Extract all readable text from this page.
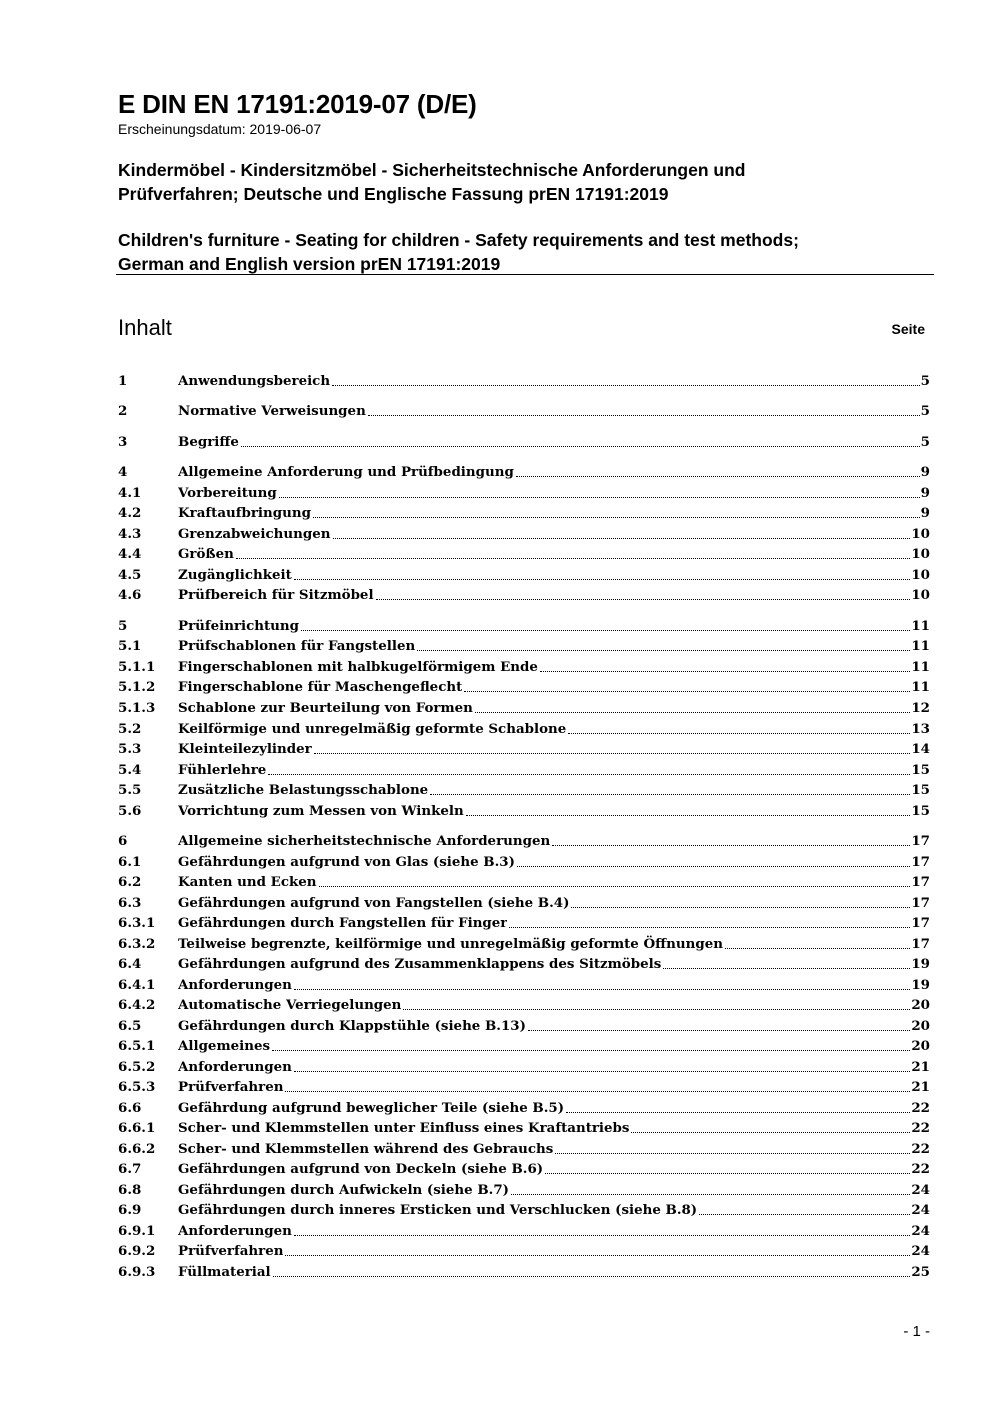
E DIN EN 17191:2019-07 (D/E)
Erscheinungsdatum: 2019-06-07
Kindermöbel - Kindersitzmöbel - Sicherheitstechnische Anforderungen und
Prüfverfahren; Deutsche und Englische Fassung prEN 17191:2019
Children's furniture - Seating for children - Safety requirements and test methods;
German and English version prEN 17191:2019
Inhalt	Seite
1	Anwendungsbereich	5
2	Normative Verweisungen	5
3	Begriffe	5
4	Allgemeine Anforderung und Prüfbedingung	9
4.1	Vorbereitung	9
4.2	Kraftaufbringung	9
4.3	Grenzabweichungen	10
4.4	Größen	10
4.5	Zugänglichkeit	10
4.6	Prüfbereich für Sitzmöbel	10
5	Prüfeinrichtung	11
5.1	Prüfschablonen für Fangstellen	11
5.1.1	Fingerschablonen mit halbkugelförmigem Ende	11
5.1.2	Fingerschablone für Maschengeflecht	11
5.1.3	Schablone zur Beurteilung von Formen	12
5.2	Keilförmige und unregelmäßig geformte Schablone	13
5.3	Kleinteilezylinder	14
5.4	Fühlerlehre	15
5.5	Zusätzliche Belastungsschablone	15
5.6	Vorrichtung zum Messen von Winkeln	15
6	Allgemeine sicherheitstechnische Anforderungen	17
6.1	Gefährdungen aufgrund von Glas (siehe B.3)	17
6.2	Kanten und Ecken	17
6.3	Gefährdungen aufgrund von Fangstellen (siehe B.4)	17
6.3.1	Gefährdungen durch Fangstellen für Finger	17
6.3.2	Teilweise begrenzte, keilförmige und unregelmäßig geformte Öffnungen	17
6.4	Gefährdungen aufgrund des Zusammenklappens des Sitzmöbels	19
6.4.1	Anforderungen	19
6.4.2	Automatische Verriegelungen	20
6.5	Gefährdungen durch Klappstühle (siehe B.13)	20
6.5.1	Allgemeines	20
6.5.2	Anforderungen	21
6.5.3	Prüfverfahren	21
6.6	Gefährdung aufgrund beweglicher Teile (siehe B.5)	22
6.6.1	Scher- und Klemmstellen unter Einfluss eines Kraftantriebs	22
6.6.2	Scher- und Klemmstellen während des Gebrauchs	22
6.7	Gefährdungen aufgrund von Deckeln (siehe B.6)	22
6.8	Gefährdungen durch Aufwickeln (siehe B.7)	24
6.9	Gefährdungen durch inneres Ersticken und Verschlucken (siehe B.8)	24
6.9.1	Anforderungen	24
6.9.2	Prüfverfahren	24
6.9.3	Füllmaterial	25
- 1 -
